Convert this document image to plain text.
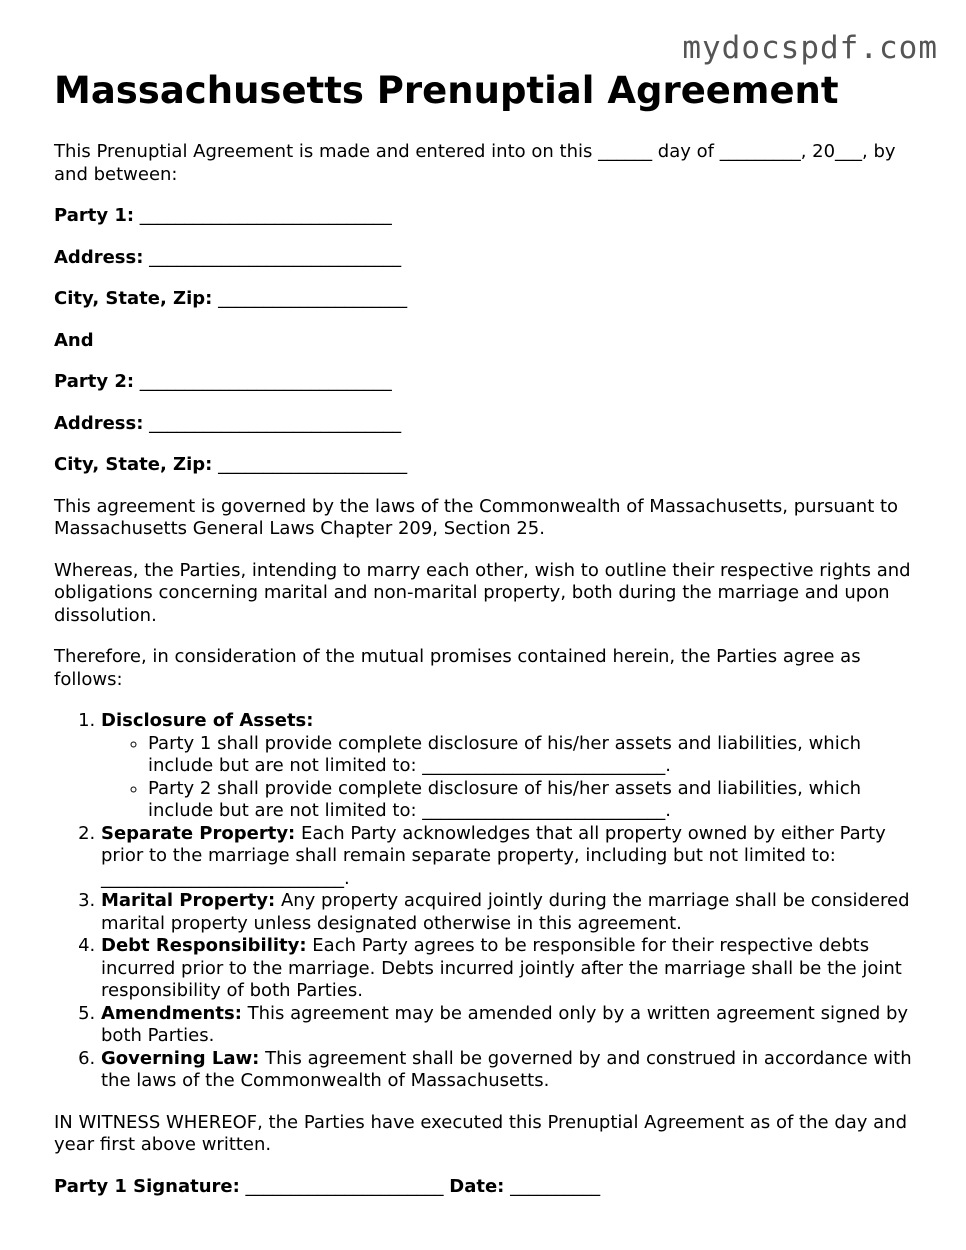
mydocspdf.com
Massachusetts Prenuptial Agreement

This Prenuptial Agreement is made and entered into on this ______ day of _________, 20___, by and between:

Party 1: ____________________________
Address: ____________________________
City, State, Zip: _____________________
And
Party 2: ____________________________
Address: ____________________________
City, State, Zip: _____________________

This agreement is governed by the laws of the Commonwealth of Massachusetts, pursuant to Massachusetts General Laws Chapter 209, Section 25.

Whereas, the Parties, intending to marry each other, wish to outline their respective rights and obligations concerning marital and non-marital property, both during the marriage and upon dissolution.

Therefore, in consideration of the mutual promises contained herein, the Parties agree as follows:

1. Disclosure of Assets:
◦ Party 1 shall provide complete disclosure of his/her assets and liabilities, which include but are not limited to: ___________________________.
◦ Party 2 shall provide complete disclosure of his/her assets and liabilities, which include but are not limited to: ___________________________.
2. Separate Property: Each Party acknowledges that all property owned by either Party prior to the marriage shall remain separate property, including but not limited to: ___________________________.
3. Marital Property: Any property acquired jointly during the marriage shall be considered marital property unless designated otherwise in this agreement.
4. Debt Responsibility: Each Party agrees to be responsible for their respective debts incurred prior to the marriage. Debts incurred jointly after the marriage shall be the joint responsibility of both Parties.
5. Amendments: This agreement may be amended only by a written agreement signed by both Parties.
6. Governing Law: This agreement shall be governed by and construed in accordance with the laws of the Commonwealth of Massachusetts.

IN WITNESS WHEREOF, the Parties have executed this Prenuptial Agreement as of the day and year first above written.

Party 1 Signature: ______________________ Date: __________
